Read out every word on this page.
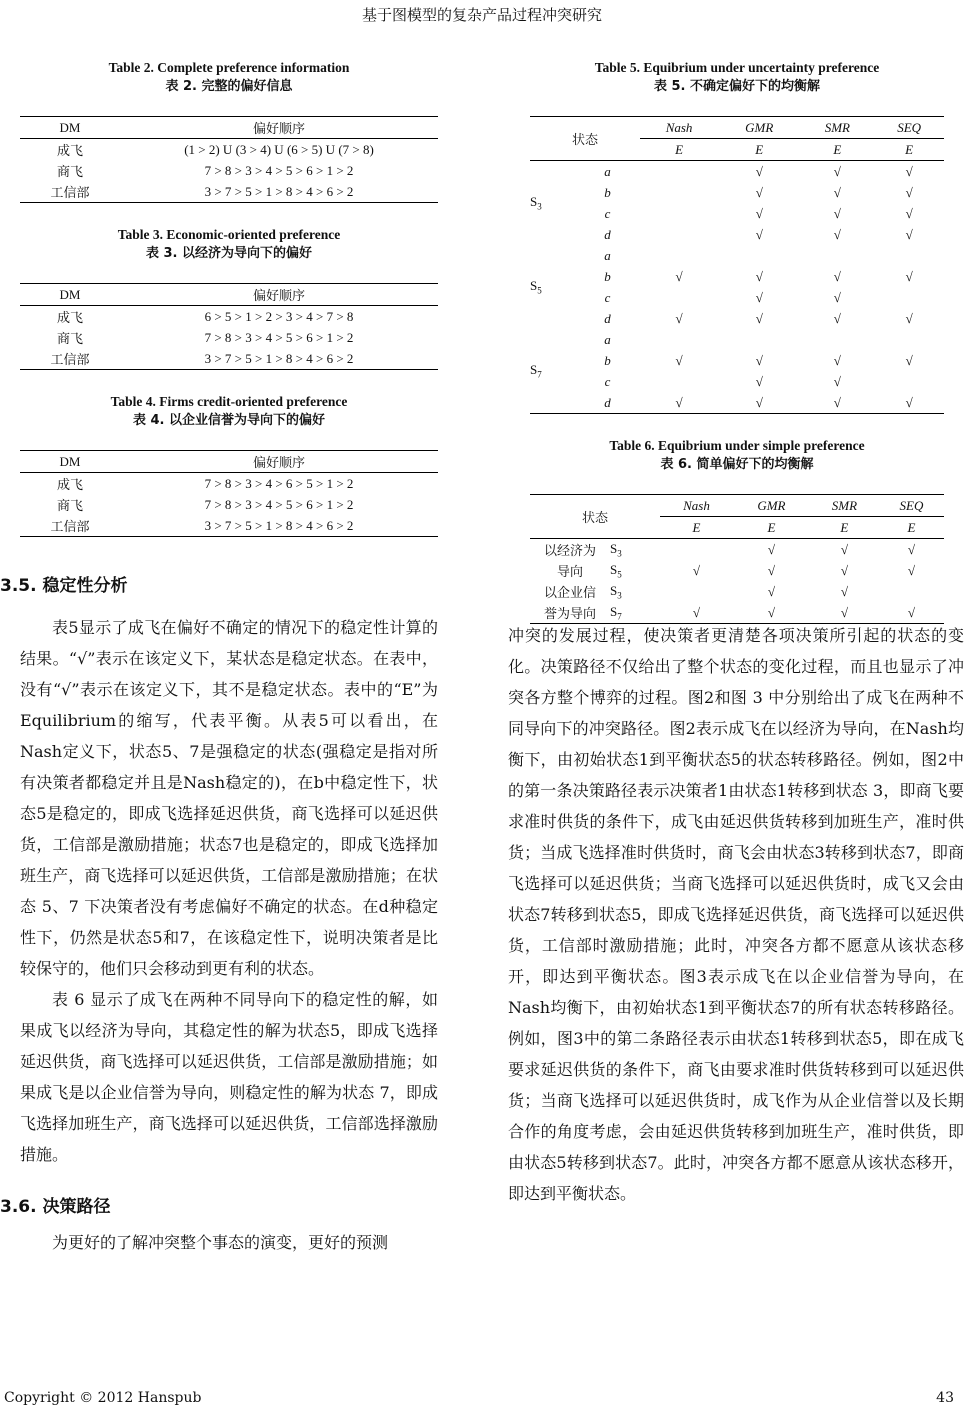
基于图模型的复杂产品过程冲突研究
Table 2. Complete preference information
表 2. 完整的偏好信息
DM	偏好顺序
成飞	(1 > 2) U (3 > 4) U (6 > 5) U (7 > 8)
商飞	7 > 8 > 3 > 4 > 5 > 6 > 1 > 2
工信部	3 > 7 > 5 > 1 > 8 > 4 > 6 > 2
Table 3. Economic-oriented preference
表 3. 以经济为导向下的偏好
DM	偏好顺序
成飞	6 > 5 > 1 > 2 > 3 > 4 > 7 > 8
商飞	7 > 8 > 3 > 4 > 5 > 6 > 1 > 2
工信部	3 > 7 > 5 > 1 > 8 > 4 > 6 > 2
Table 4. Firms credit-oriented preference
表 4. 以企业信誉为导向下的偏好
DM	偏好顺序
成飞	7 > 8 > 3 > 4 > 6 > 5 > 1 > 2
商飞	7 > 8 > 3 > 4 > 5 > 6 > 1 > 2
工信部	3 > 7 > 5 > 1 > 8 > 4 > 6 > 2
3.5. 稳定性分析

表5显示了成飞在偏好不确定的情况下的稳定性计算的结果。“√”表示在该定义下，某状态是稳定状态。在表中，没有“√”表示在该定义下，其不是稳定状态。表中的“E”为Equilibrium的缩写，代表平衡。从表5可以看出，在Nash定义下，状态5、7是强稳定的状态(强稳定是指对所有决策者都稳定并且是Nash稳定的)，在b中稳定性下，状态5是稳定的，即成飞选择延迟供货，商飞选择可以延迟供货，工信部是激励措施；状态7也是稳定的，即成飞选择加班生产，商飞选择可以延迟供货，工信部是激励措施；在状态 5、7 下决策者没有考虑偏好不确定的状态。在d种稳定性下，仍然是状态5和7，在该稳定性下，说明决策者是比较保守的，他们只会移动到更有利的状态。

表 6 显示了成飞在两种不同导向下的稳定性的解，如果成飞以经济为导向，其稳定性的解为状态5，即成飞选择延迟供货，商飞选择可以延迟供货，工信部是激励措施；如果成飞是以企业信誉为导向，则稳定性的解为状态 7，即成飞选择加班生产，商飞选择可以延迟供货，工信部选择激励措施。

3.6. 决策路径

为更好的了解冲突整个事态的演变，更好的预测

Table 5. Equibrium under uncertainty preference
表 5. 不确定偏好下的均衡解
状态		Nash	GMR	SMR	SEQ
		E	E	E	E
$S_3$	a		√	√	√
	b		√	√	√
	c		√	√	√
	d		√	√	√
$S_5$	a				
	b	√	√	√	√
	c		√	√	
	d	√	√	√	√
$S_7$	a				
	b	√	√	√	√
	c		√	√	
	d	√	√	√	√
Table 6. Equibrium under simple preference
表 6. 简单偏好下的均衡解
状态		Nash	GMR	SMR	SEQ
		E	E	E	E
以经济为	$S_3$		√	√	√
导向	$S_5$	√	√	√	√
以企业信	$S_3$		√	√	
誉为导向	$S_7$	√	√	√	√

冲突的发展过程，使决策者更清楚各项决策所引起的状态的变化。决策路径不仅给出了整个状态的变化过程，而且也显示了冲突各方整个博弈的过程。图2和图 3 中分别给出了成飞在两种不同导向下的冲突路径。图2表示成飞在以经济为导向，在Nash均衡下，由初始状态1到平衡状态5的状态转移路径。例如，图2中的第一条决策路径表示决策者1由状态1转移到状态 3，即商飞要求准时供货的条件下，成飞由延迟供货转移到加班生产，准时供货；当成飞选择准时供货时，商飞会由状态3转移到状态7，即商飞选择可以延迟供货；当商飞选择可以延迟供货时，成飞又会由状态7转移到状态5，即成飞选择延迟供货，商飞选择可以延迟供货，工信部时激励措施；此时，冲突各方都不愿意从该状态移开，即达到平衡状态。图3表示成飞在以企业信誉为导向，在Nash均衡下，由初始状态1到平衡状态7的所有状态转移路径。例如，图3中的第二条路径表示由状态1转移到状态5，即在成飞要求延迟供货的条件下，商飞由要求准时供货转移到可以延迟供货；当商飞选择可以延迟供货时，成飞作为从企业信誉以及长期合作的角度考虑，会由延迟供货转移到加班生产，准时供货，即由状态5转移到状态7。此时，冲突各方都不愿意从该状态移开，即达到平衡状态。

Copyright © 2012 Hanspub	43
